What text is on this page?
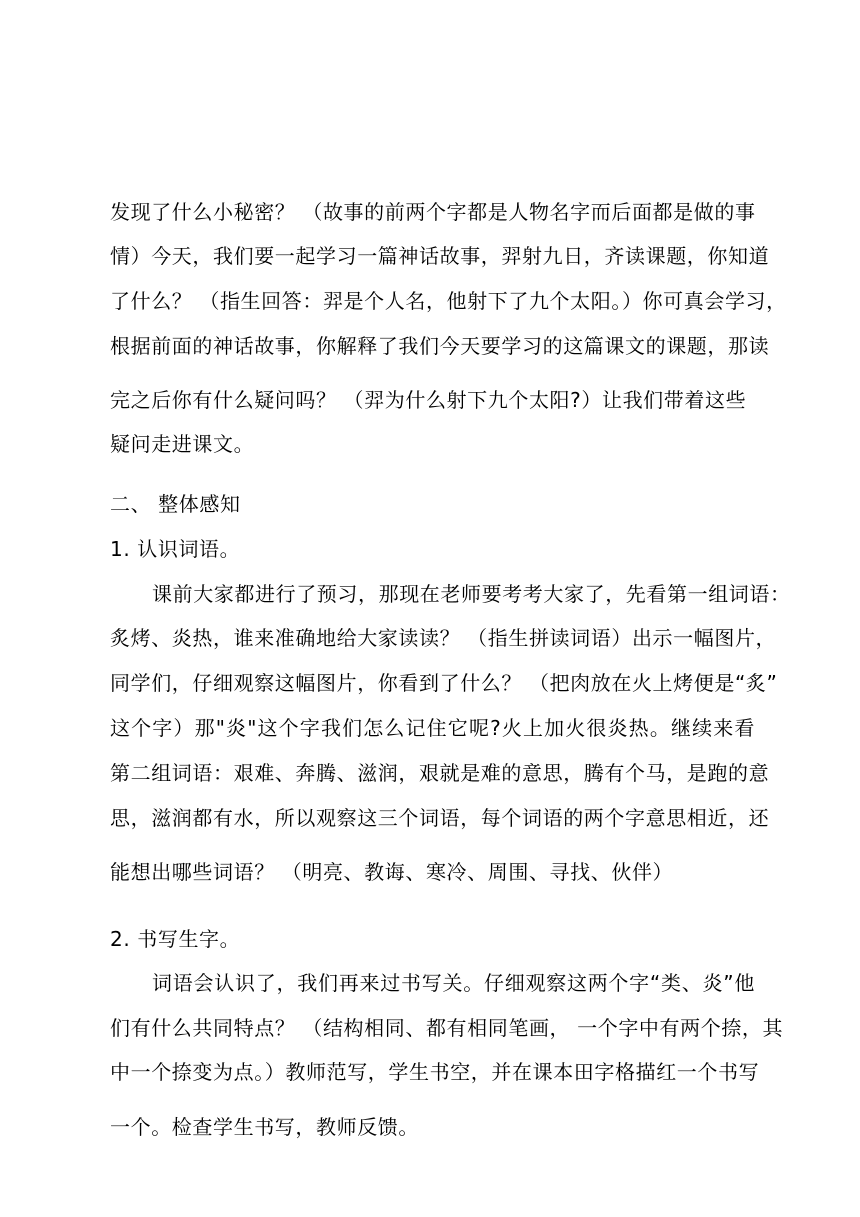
发现了什么小秘密？ （故事的前两个字都是人物名字而后面都是做的事

情）今天，我们要一起学习一篇神话故事，羿射九日，齐读课题，你知道

了什么？ （指生回答：羿是个人名，他射下了九个太阳。）你可真会学习，

根据前面的神话故事，你解释了我们今天要学习的这篇课文的课题，那读

完之后你有什么疑问吗？ （羿为什么射下九个太阳?）让我们带着这些

疑问走进课文。

二、 整体感知

1. 认识词语。

课前大家都进行了预习，那现在老师要考考大家了，先看第一组词语：

炙烤、炎热，谁来准确地给大家读读？ （指生拼读词语）出示一幅图片，

同学们，仔细观察这幅图片，你看到了什么？ （把肉放在火上烤便是“炙”

这个字）那"炎"这个字我们怎么记住它呢?火上加火很炎热。继续来看

第二组词语：艰难、奔腾、滋润，艰就是难的意思，腾有个马，是跑的意

思，滋润都有水，所以观察这三个词语，每个词语的两个字意思相近，还

能想出哪些词语？ （明亮、教诲、寒冷、周围、寻找、伙伴）

2. 书写生字。

词语会认识了，我们再来过书写关。仔细观察这两个字“类、炎”他

们有什么共同特点？ （结构相同、都有相同笔画， 一个字中有两个捺，其

中一个捺变为点。）教师范写，学生书空，并在课本田字格描红一个书写

一个。检查学生书写，教师反馈。
